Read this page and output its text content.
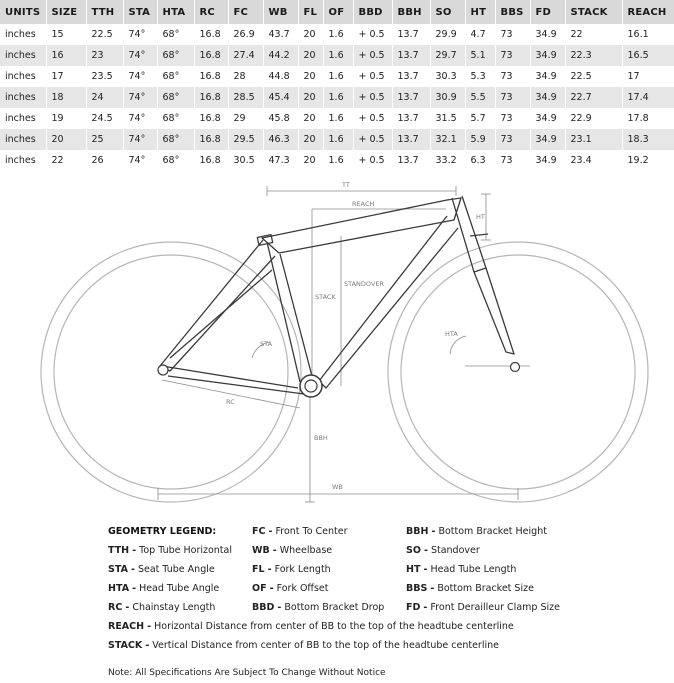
UNITS	SIZE	TTH	STA	HTA	RC	FC	WB	FL	OF	BBD	BBH	SO	HT	BBS	FD	STACK	REACH
inches	15	22.5	74°	68°	16.8	26.9	43.7	20	1.6	+ 0.5	13.7	29.9	4.7	73	34.9	22	16.1
inches	16	23	74°	68°	16.8	27.4	44.2	20	1.6	+ 0.5	13.7	29.7	5.1	73	34.9	22.3	16.5
inches	17	23.5	74°	68°	16.8	28	44.8	20	1.6	+ 0.5	13.7	30.3	5.3	73	34.9	22.5	17
inches	18	24	74°	68°	16.8	28.5	45.4	20	1.6	+ 0.5	13.7	30.9	5.5	73	34.9	22.7	17.4
inches	19	24.5	74°	68°	16.8	29	45.8	20	1.6	+ 0.5	13.7	31.5	5.7	73	34.9	22.9	17.8
inches	20	25	74°	68°	16.8	29.5	46.3	20	1.6	+ 0.5	13.7	32.1	5.9	73	34.9	23.1	18.3
inches	22	26	74°	68°	16.8	30.5	47.3	20	1.6	+ 0.5	13.7	33.2	6.3	73	34.9	23.4	19.2
TT
REACH
HT
STACK
STANDOVER
STA
HTA
RC
BBH
WB
GEOMETRY LEGEND:
TTH - Top Tube Horizontal
STA - Seat Tube Angle
HTA - Head Tube Angle
RC - Chainstay Length
FC - Front To Center
WB - Wheelbase
FL - Fork Length
OF - Fork Offset
BBD - Bottom Bracket Drop
BBH - Bottom Bracket Height
SO - Standover
HT - Head Tube Length
BBS - Bottom Bracket Size
FD - Front Derailleur Clamp Size
REACH - Horizontal Distance from center of BB to the top of the headtube centerline
STACK - Vertical Distance from center of BB to the top of the headtube centerline
Note: All Specifications Are Subject To Change Without Notice
